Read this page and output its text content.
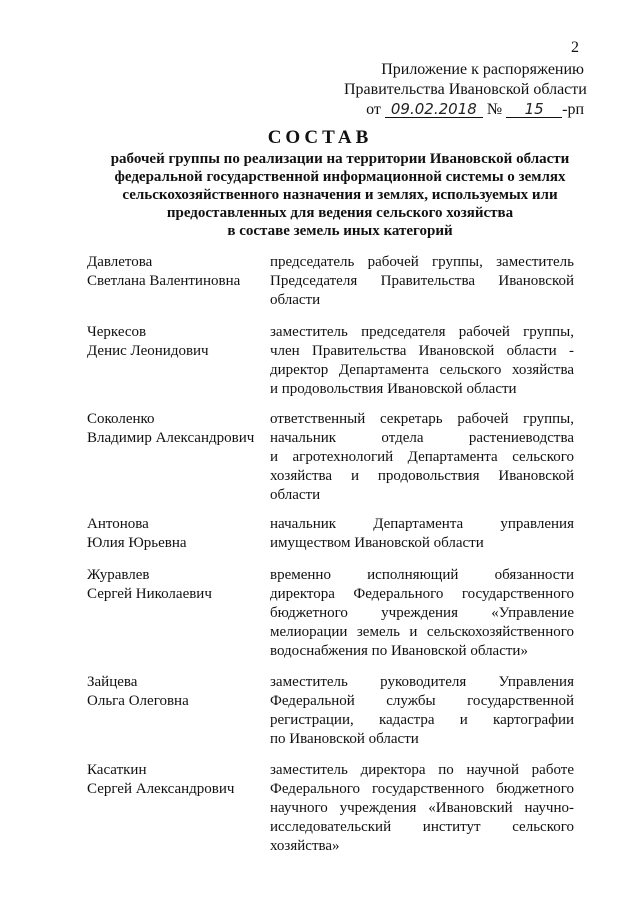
2
Приложение к распоряжению
Правительства Ивановской области
от 09.02.2018 № 15 -рп
СОСТАВ
рабочей группы по реализации на территории Ивановской области
федеральной государственной информационной системы о землях
сельскохозяйственного назначения и землях, используемых или
предоставленных для ведения сельского хозяйства
в составе земель иных категорий
Давлетова
Светлана Валентиновна
председатель рабочей группы, заместитель
Председателя Правительства Ивановской
области
Черкесов
Денис Леонидович
заместитель председателя рабочей группы,
член Правительства Ивановской области -
директор Департамента сельского хозяйства
и продовольствия Ивановской области
Соколенко
Владимир Александрович
ответственный секретарь рабочей группы,
начальник отдела растениеводства
и агротехнологий Департамента сельского
хозяйства и продовольствия Ивановской
области
Антонова
Юлия Юрьевна
начальник Департамента управления
имуществом Ивановской области
Журавлев
Сергей Николаевич
временно исполняющий обязанности
директора Федерального государственного
бюджетного учреждения «Управление
мелиорации земель и сельскохозяйственного
водоснабжения по Ивановской области»
Зайцева
Ольга Олеговна
заместитель руководителя Управления
Федеральной службы государственной
регистрации, кадастра и картографии
по Ивановской области
Касаткин
Сергей Александрович
заместитель директора по научной работе
Федерального государственного бюджетного
научного учреждения «Ивановский научно-
исследовательский институт сельского
хозяйства»
